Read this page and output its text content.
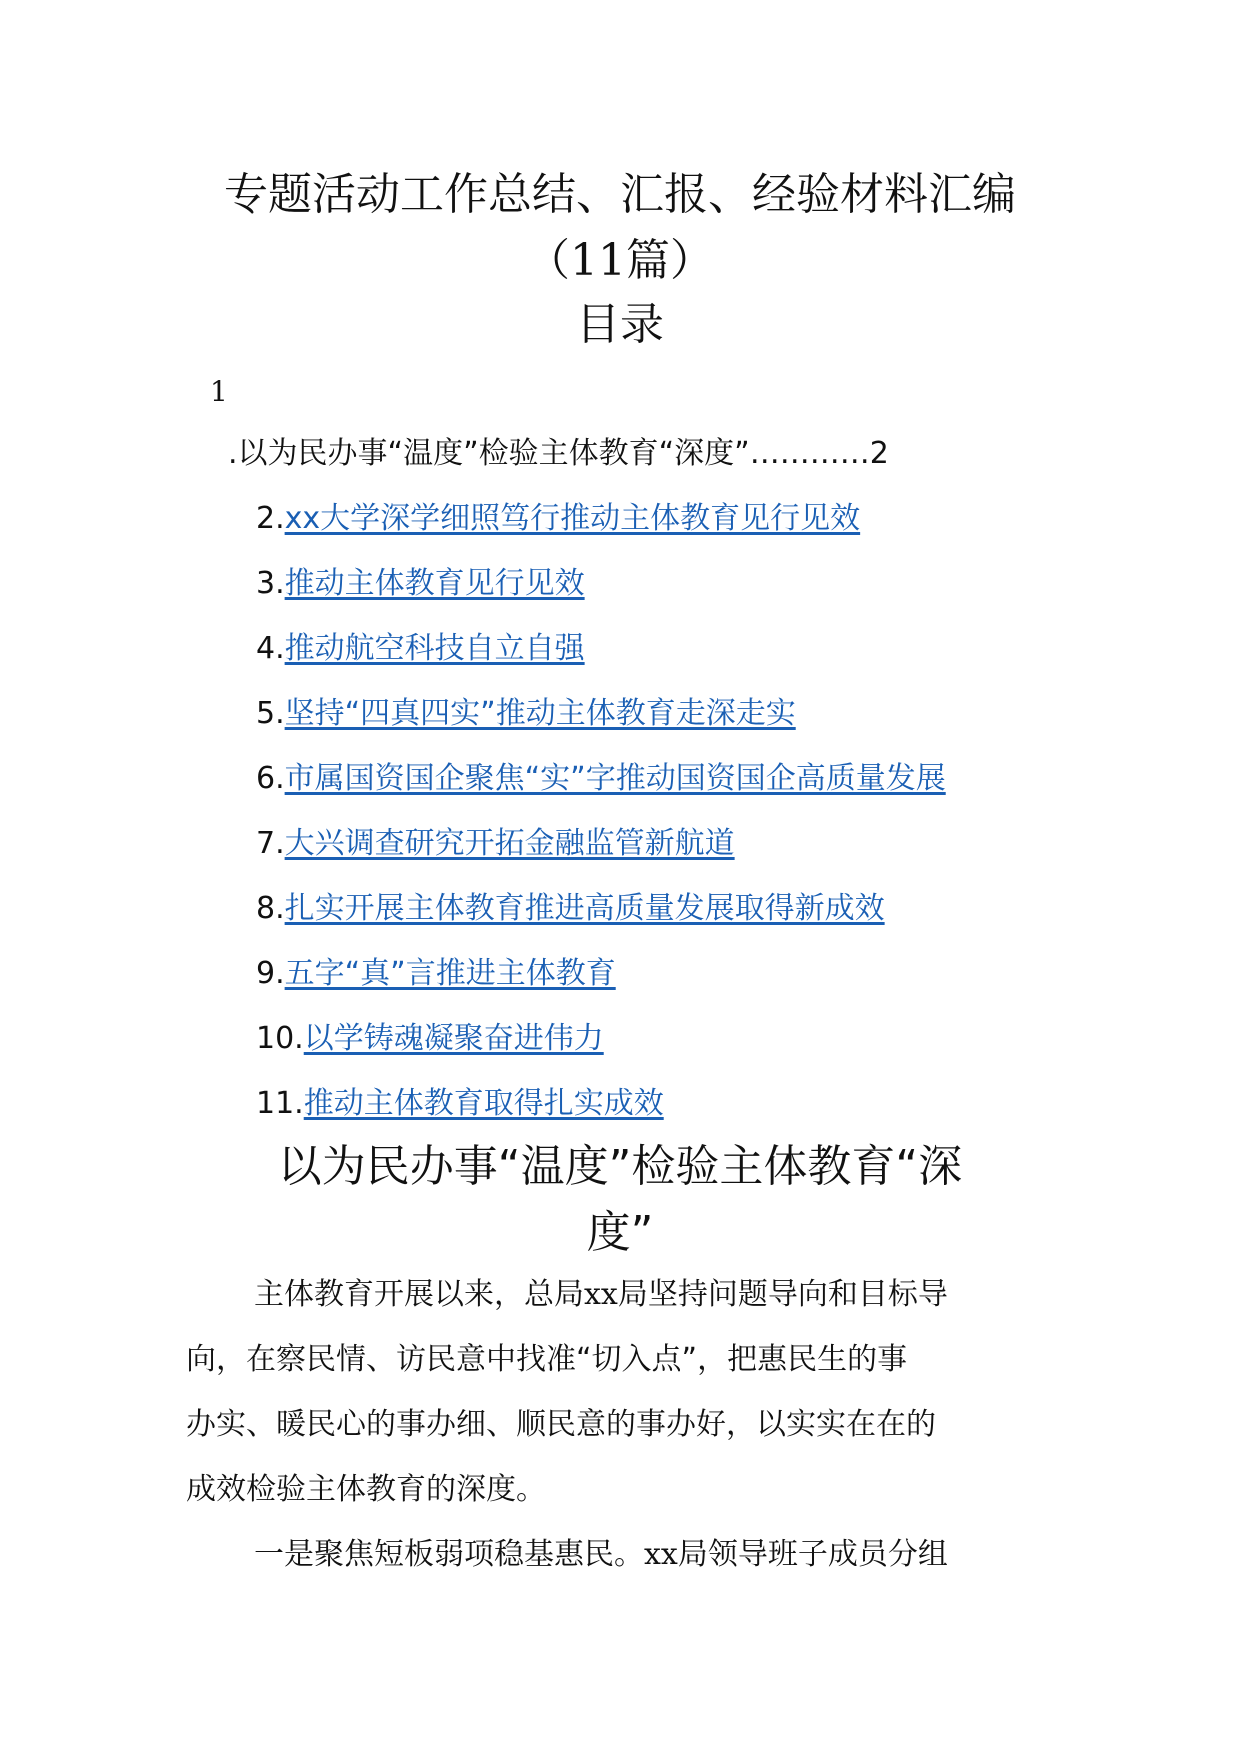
专题活动工作总结、汇报、经验材料汇编
（11篇）
目录
1
.以为民办事“温度”检验主体教育“深度”…………2
2.xx大学深学细照笃行推动主体教育见行见效
3.推动主体教育见行见效
4.推动航空科技自立自强
5.坚持“四真四实”推动主体教育走深走实
6.市属国资国企聚焦“实”字推动国资国企高质量发展
7.大兴调查研究开拓金融监管新航道
8.扎实开展主体教育推进高质量发展取得新成效
9.五字“真”言推进主体教育
10.以学铸魂凝聚奋进伟力
11.推动主体教育取得扎实成效
以为民办事“温度”检验主体教育“深
度”
主体教育开展以来，总局xx局坚持问题导向和目标导
向，在察民情、访民意中找准“切入点”，把惠民生的事
办实、暖民心的事办细、顺民意的事办好，以实实在在的
成效检验主体教育的深度。
一是聚焦短板弱项稳基惠民。xx局领导班子成员分组
